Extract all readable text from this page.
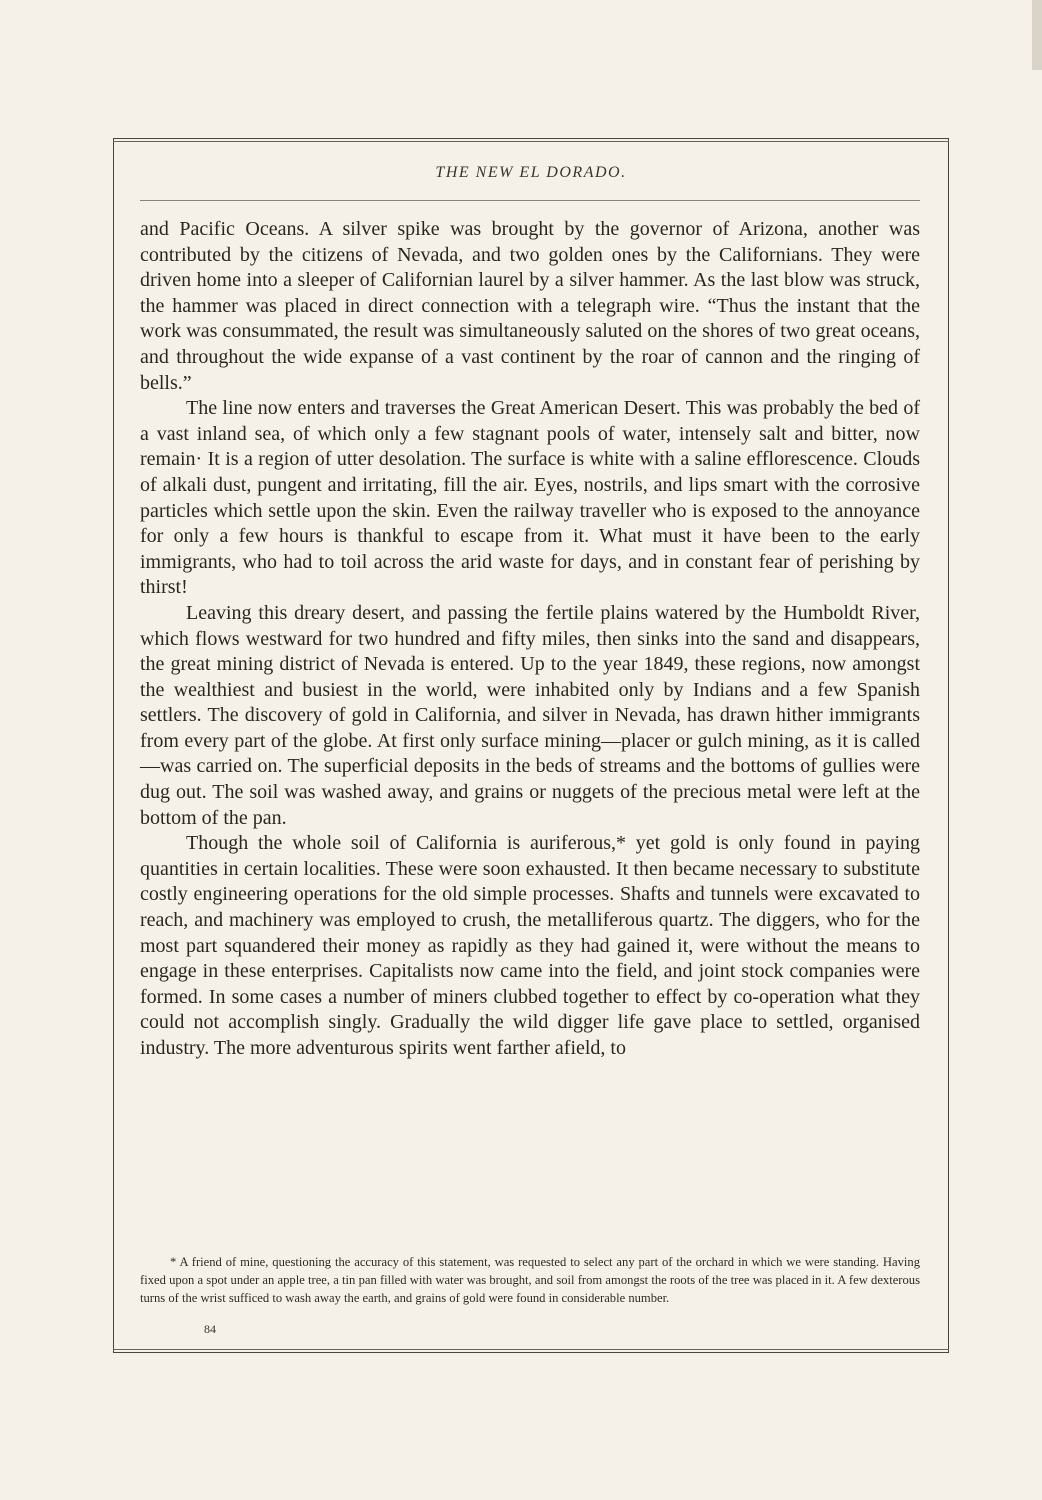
THE NEW EL DORADO.

and Pacific Oceans. A silver spike was brought by the governor of Arizona, another was contributed by the citizens of Nevada, and two golden ones by the Californians. They were driven home into a sleeper of Californian laurel by a silver hammer. As the last blow was struck, the hammer was placed in direct connection with a telegraph wire. “Thus the instant that the work was consummated, the result was simultaneously saluted on the shores of two great oceans, and throughout the wide expanse of a vast continent by the roar of cannon and the ringing of bells.”

The line now enters and traverses the Great American Desert. This was probably the bed of a vast inland sea, of which only a few stagnant pools of water, intensely salt and bitter, now remain· It is a region of utter desolation. The surface is white with a saline efflorescence. Clouds of alkali dust, pungent and irritating, fill the air. Eyes, nostrils, and lips smart with the corrosive particles which settle upon the skin. Even the railway traveller who is exposed to the annoyance for only a few hours is thankful to escape from it. What must it have been to the early immigrants, who had to toil across the arid waste for days, and in constant fear of perishing by thirst!

Leaving this dreary desert, and passing the fertile plains watered by the Humboldt River, which flows westward for two hundred and fifty miles, then sinks into the sand and disappears, the great mining district of Nevada is entered. Up to the year 1849, these regions, now amongst the wealthiest and busiest in the world, were inhabited only by Indians and a few Spanish settlers. The discovery of gold in California, and silver in Nevada, has drawn hither immigrants from every part of the globe. At first only surface mining—placer or gulch mining, as it is called—was carried on. The superficial deposits in the beds of streams and the bottoms of gullies were dug out. The soil was washed away, and grains or nuggets of the precious metal were left at the bottom of the pan.

Though the whole soil of California is auriferous,* yet gold is only found in paying quantities in certain localities. These were soon exhausted. It then became necessary to substitute costly engineering operations for the old simple processes. Shafts and tunnels were excavated to reach, and machinery was employed to crush, the metalliferous quartz. The diggers, who for the most part squandered their money as rapidly as they had gained it, were without the means to engage in these enterprises. Capitalists now came into the field, and joint stock companies were formed. In some cases a number of miners clubbed together to effect by co-operation what they could not accomplish singly. Gradually the wild digger life gave place to settled, organised industry. The more adventurous spirits went farther afield, to

* A friend of mine, questioning the accuracy of this statement, was requested to select any part of the orchard in which we were standing. Having fixed upon a spot under an apple tree, a tin pan filled with water was brought, and soil from amongst the roots of the tree was placed in it. A few dexterous turns of the wrist sufficed to wash away the earth, and grains of gold were found in considerable number.

84
